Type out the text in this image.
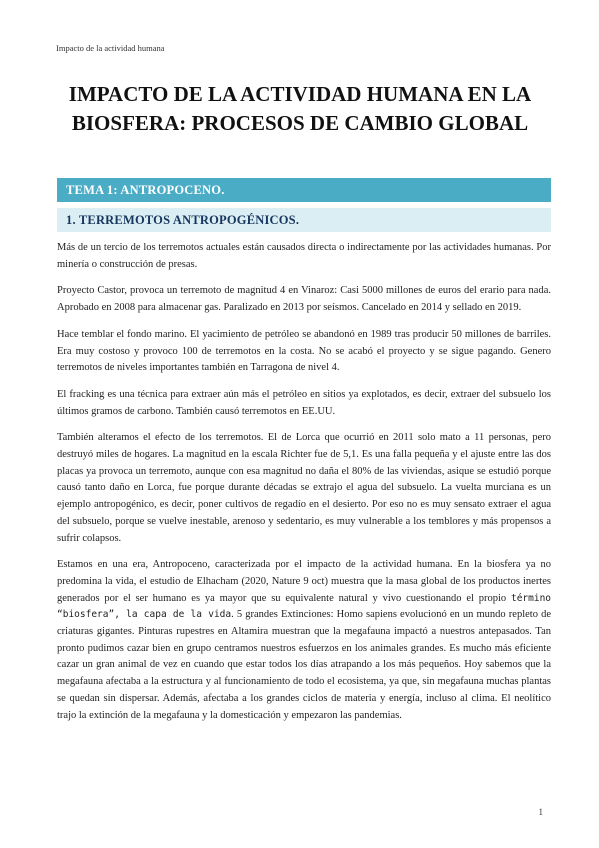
Impacto de la actividad humana
IMPACTO DE LA ACTIVIDAD HUMANA EN LA BIOSFERA: PROCESOS DE CAMBIO GLOBAL
TEMA 1: ANTROPOCENO.
1. TERREMOTOS ANTROPOGÉNICOS.

Más de un tercio de los terremotos actuales están causados directa o indirectamente por las actividades humanas. Por minería o construcción de presas.

Proyecto Castor, provoca un terremoto de magnitud 4 en Vinaroz: Casi 5000 millones de euros del erario para nada. Aprobado en 2008 para almacenar gas. Paralizado en 2013 por seísmos. Cancelado en 2014 y sellado en 2019.

Hace temblar el fondo marino. El yacimiento de petróleo se abandonó en 1989 tras producir 50 millones de barriles. Era muy costoso y provoco 100 de terremotos en la costa. No se acabó el proyecto y se sigue pagando. Genero terremotos de niveles importantes también en Tarragona de nivel 4.

El fracking es una técnica para extraer aún más el petróleo en sitios ya explotados, es decir, extraer del subsuelo los últimos gramos de carbono. También causó terremotos en EE.UU.

También alteramos el efecto de los terremotos. El de Lorca que ocurrió en 2011 solo mato a 11 personas, pero destruyó miles de hogares. La magnitud en la escala Richter fue de 5,1. Es una falla pequeña y el ajuste entre las dos placas ya provoca un terremoto, aunque con esa magnitud no daña el 80% de las viviendas, asique se estudió porque causó tanto daño en Lorca, fue porque durante décadas se extrajo el agua del subsuelo. La vuelta murciana es un ejemplo antropogénico, es decir, poner cultivos de regadío en el desierto. Por eso no es muy sensato extraer el agua del subsuelo, porque se vuelve inestable, arenoso y sedentario, es muy vulnerable a los temblores y más propensos a sufrir colapsos.

Estamos en una era, Antropoceno, caracterizada por el impacto de la actividad humana. En la biosfera ya no predomina la vida, el estudio de Elhacham (2020, Nature 9 oct) muestra que la masa global de los productos inertes generados por el ser humano es ya mayor que su equivalente natural y vivo cuestionando el propio término “biosfera”, la capa de la vida. 5 grandes Extinciones: Homo sapiens evolucionó en un mundo repleto de criaturas gigantes. Pinturas rupestres en Altamira muestran que la megafauna impactó a nuestros antepasados. Tan pronto pudimos cazar bien en grupo centramos nuestros esfuerzos en los animales grandes. Es mucho más eficiente cazar un gran animal de vez en cuando que estar todos los días atrapando a los más pequeños. Hoy sabemos que la megafauna afectaba a la estructura y al funcionamiento de todo el ecosistema, ya que, sin megafauna muchas plantas se quedan sin dispersar. Además, afectaba a los grandes ciclos de materia y energía, incluso al clima. El neolítico trajo la extinción de la megafauna y la domesticación y empezaron las pandemias.

1
